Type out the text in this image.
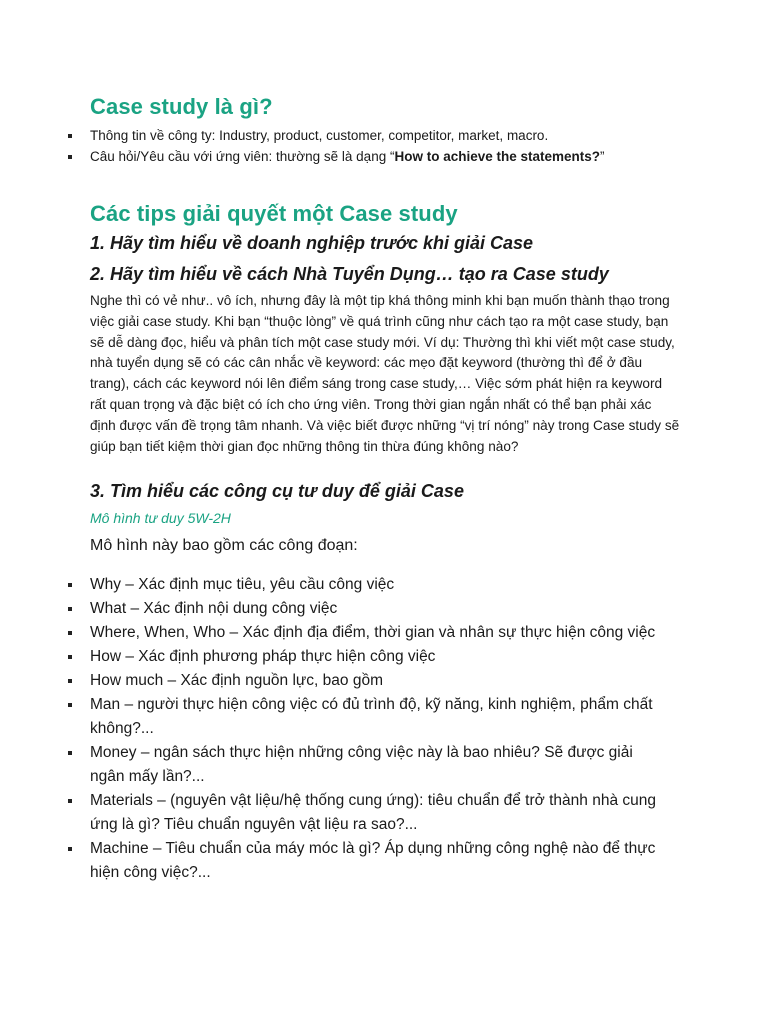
Case study là gì?
Thông tin về công ty: Industry, product, customer, competitor, market, macro.
Câu hỏi/Yêu cầu với ứng viên: thường sẽ là dạng “How to achieve the statements?”
Các tips giải quyết một Case study
1. Hãy tìm hiểu về doanh nghiệp trước khi giải Case
2. Hãy tìm hiểu về cách Nhà Tuyển Dụng… tạo ra Case study

Nghe thì có vẻ như.. vô ích, nhưng đây là một tip khá thông minh khi bạn muốn thành thạo trong việc giải case study. Khi bạn “thuộc lòng” về quá trình cũng như cách tạo ra một case study, bạn sẽ dễ dàng đọc, hiểu và phân tích một case study mới. Ví dụ: Thường thì khi viết một case study, nhà tuyển dụng sẽ có các cân nhắc về keyword: các mẹo đặt keyword (thường thì để ở đầu trang), cách các keyword nói lên điểm sáng trong case study,… Việc sớm phát hiện ra keyword rất quan trọng và đặc biệt có ích cho ứng viên. Trong thời gian ngắn nhất có thể bạn phải xác định được vấn đề trọng tâm nhanh. Và việc biết được những “vị trí nóng” này trong Case study sẽ giúp bạn tiết kiệm thời gian đọc những thông tin thừa đúng không nào?

3. Tìm hiểu các công cụ tư duy để giải Case

Mô hình tư duy 5W-2H

Mô hình này bao gồm các công đoạn:

Why – Xác định mục tiêu, yêu cầu công việc
What – Xác định nội dung công việc
Where, When, Who – Xác định địa điểm, thời gian và nhân sự thực hiện công việc
How – Xác định phương pháp thực hiện công việc
How much – Xác định nguồn lực, bao gồm
Man – người thực hiện công việc có đủ trình độ, kỹ năng, kinh nghiệm, phẩm chất không?...
Money – ngân sách thực hiện những công việc này là bao nhiêu? Sẽ được giải ngân mấy lần?...
Materials – (nguyên vật liệu/hệ thống cung ứng): tiêu chuẩn để trở thành nhà cung ứng là gì? Tiêu chuẩn nguyên vật liệu ra sao?...
Machine – Tiêu chuẩn của máy móc là gì? Áp dụng những công nghệ nào để thực hiện công việc?...
